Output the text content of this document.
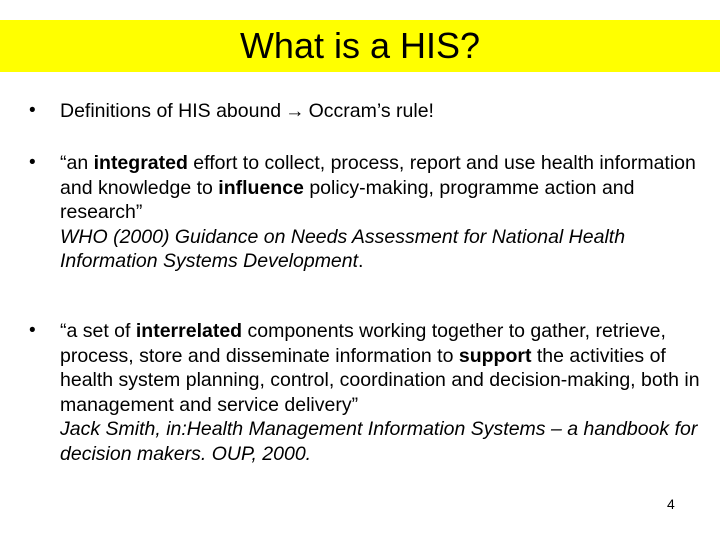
What is a HIS?
• Definitions of HIS abound → Occram’s rule!
• “an integrated effort to collect, process, report and use health information and knowledge to influence policy-making, programme action and research”
WHO (2000) Guidance on Needs Assessment for National Health Information Systems Development.
• “a set of interrelated components working together to gather, retrieve, process, store and disseminate information to support the activities of health system planning, control, coordination and decision-making, both in management and service delivery”
Jack Smith, in:Health Management Information Systems – a handbook for decision makers. OUP, 2000.
4
